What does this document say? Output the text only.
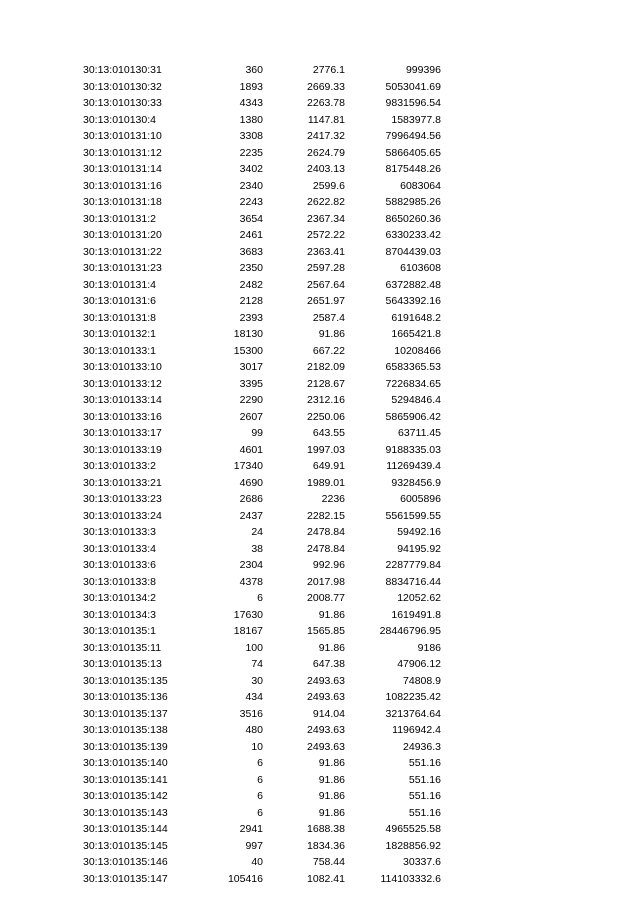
30:13:010130:31	360	2776.1	999396
30:13:010130:32	1893	2669.33	5053041.69
30:13:010130:33	4343	2263.78	9831596.54
30:13:010130:4	1380	1147.81	1583977.8
30:13:010131:10	3308	2417.32	7996494.56
30:13:010131:12	2235	2624.79	5866405.65
30:13:010131:14	3402	2403.13	8175448.26
30:13:010131:16	2340	2599.6	6083064
30:13:010131:18	2243	2622.82	5882985.26
30:13:010131:2	3654	2367.34	8650260.36
30:13:010131:20	2461	2572.22	6330233.42
30:13:010131:22	3683	2363.41	8704439.03
30:13:010131:23	2350	2597.28	6103608
30:13:010131:4	2482	2567.64	6372882.48
30:13:010131:6	2128	2651.97	5643392.16
30:13:010131:8	2393	2587.4	6191648.2
30:13:010132:1	18130	91.86	1665421.8
30:13:010133:1	15300	667.22	10208466
30:13:010133:10	3017	2182.09	6583365.53
30:13:010133:12	3395	2128.67	7226834.65
30:13:010133:14	2290	2312.16	5294846.4
30:13:010133:16	2607	2250.06	5865906.42
30:13:010133:17	99	643.55	63711.45
30:13:010133:19	4601	1997.03	9188335.03
30:13:010133:2	17340	649.91	11269439.4
30:13:010133:21	4690	1989.01	9328456.9
30:13:010133:23	2686	2236	6005896
30:13:010133:24	2437	2282.15	5561599.55
30:13:010133:3	24	2478.84	59492.16
30:13:010133:4	38	2478.84	94195.92
30:13:010133:6	2304	992.96	2287779.84
30:13:010133:8	4378	2017.98	8834716.44
30:13:010134:2	6	2008.77	12052.62
30:13:010134:3	17630	91.86	1619491.8
30:13:010135:1	18167	1565.85	28446796.95
30:13:010135:11	100	91.86	9186
30:13:010135:13	74	647.38	47906.12
30:13:010135:135	30	2493.63	74808.9
30:13:010135:136	434	2493.63	1082235.42
30:13:010135:137	3516	914.04	3213764.64
30:13:010135:138	480	2493.63	1196942.4
30:13:010135:139	10	2493.63	24936.3
30:13:010135:140	6	91.86	551.16
30:13:010135:141	6	91.86	551.16
30:13:010135:142	6	91.86	551.16
30:13:010135:143	6	91.86	551.16
30:13:010135:144	2941	1688.38	4965525.58
30:13:010135:145	997	1834.36	1828856.92
30:13:010135:146	40	758.44	30337.6
30:13:010135:147	105416	1082.41	114103332.6
